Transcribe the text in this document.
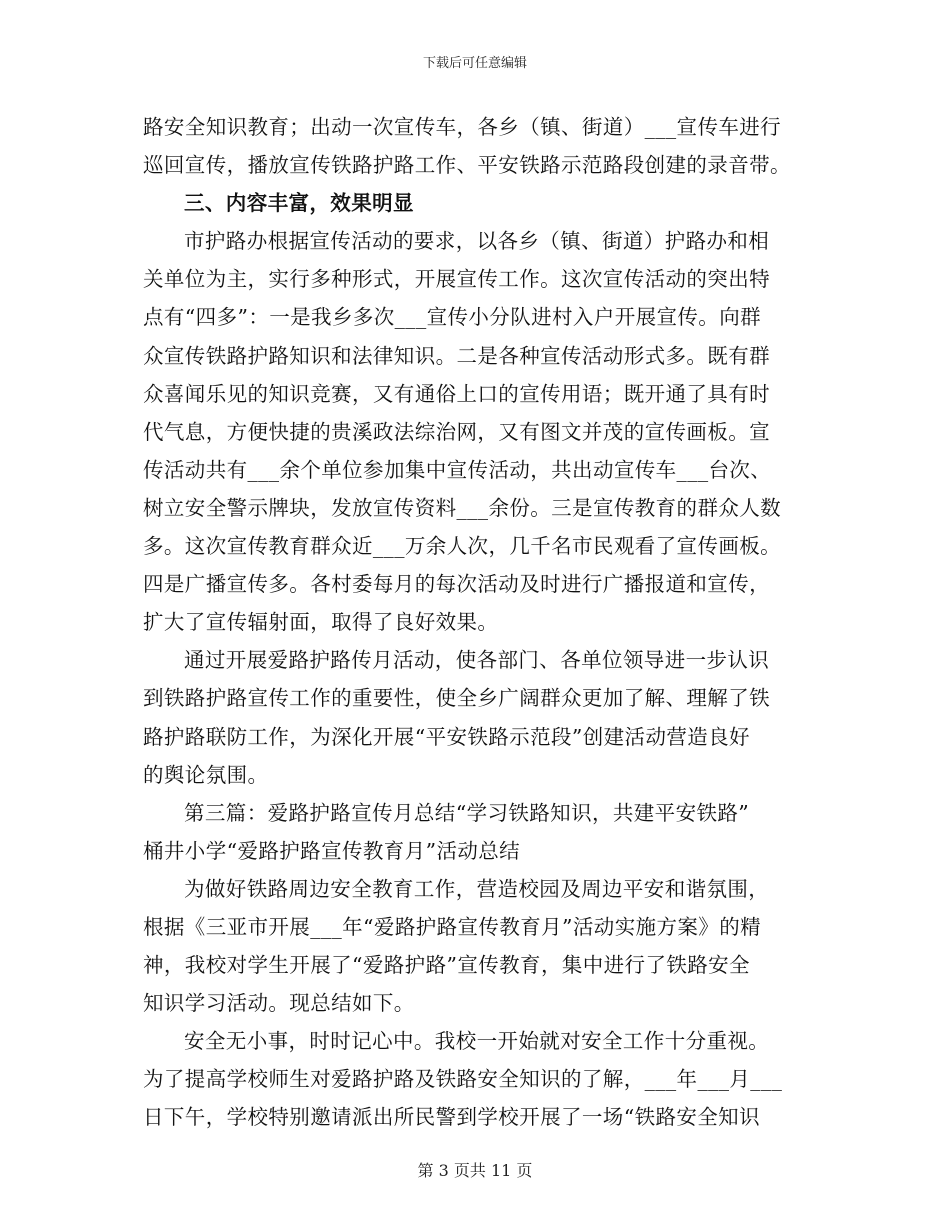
下载后可任意编辑
路安全知识教育；出动一次宣传车，各乡（镇、街道）___宣传车进行
巡回宣传，播放宣传铁路护路工作、平安铁路示范路段创建的录音带。
三、内容丰富，效果明显
市护路办根据宣传活动的要求，以各乡（镇、街道）护路办和相
关单位为主，实行多种形式，开展宣传工作。这次宣传活动的突出特
点有“四多”：一是我乡多次___宣传小分队进村入户开展宣传。向群
众宣传铁路护路知识和法律知识。二是各种宣传活动形式多。既有群
众喜闻乐见的知识竞赛，又有通俗上口的宣传用语；既开通了具有时
代气息，方便快捷的贵溪政法综治网，又有图文并茂的宣传画板。宣
传活动共有___余个单位参加集中宣传活动，共出动宣传车___台次、
树立安全警示牌块，发放宣传资料___余份。三是宣传教育的群众人数
多。这次宣传教育群众近___万余人次，几千名市民观看了宣传画板。
四是广播宣传多。各村委每月的每次活动及时进行广播报道和宣传，
扩大了宣传辐射面，取得了良好效果。
通过开展爱路护路传月活动，使各部门、各单位领导进一步认识
到铁路护路宣传工作的重要性，使全乡广阔群众更加了解、理解了铁
路护路联防工作，为深化开展“平安铁路示范段”创建活动营造良好
的舆论氛围。
第三篇：爱路护路宣传月总结“学习铁路知识，共建平安铁路”
桶井小学“爱路护路宣传教育月”活动总结
为做好铁路周边安全教育工作，营造校园及周边平安和谐氛围，
根据《三亚市开展___年“爱路护路宣传教育月”活动实施方案》的精
神，我校对学生开展了“爱路护路”宣传教育，集中进行了铁路安全
知识学习活动。现总结如下。
安全无小事，时时记心中。我校一开始就对安全工作十分重视。
为了提高学校师生对爱路护路及铁路安全知识的了解，___年___月___
日下午，学校特别邀请派出所民警到学校开展了一场“铁路安全知识
第 3 页共 11 页
